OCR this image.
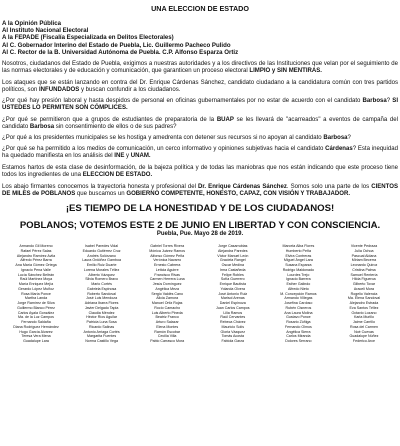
UNA ELECCION DE ESTADO
A la Opinión Pública
Al Instituto Nacional Electoral
A la FEPADE (Fiscalía Especializada en Delitos Electorales)
Al C. Gobernador Interino del Estado de Puebla, Lic. Guillermo Pacheco Pulido
Al C. Rector de la B. Universidad Autónoma de Puebla. C.P. Alfonso Esparza Ortiz
Nosotros, ciudadanos del Estado de Puebla, exigimos a nuestras autoridades y a los directivos de las Instituciones que velan por el seguimiento de las normas electorales y de educación y comunicación, que garanticen un proceso electoral LIMPIO y SIN MENTIRAS.
Los ataques que se están lanzando en contra del Dr. Enrique Cárdenas Sánchez, candidato ciudadano a la candidatura común con tres partidos políticos, son INFUNDADOS y buscan confundir a los ciudadanos.
¿Por qué hay presión laboral y hasta despidos de personal en oficinas gubernamentales por no estar de acuerdo con el candidato Barbosa? SI USTEDES LO PERMITEN SON CÓMPLICES.
¿Por qué se permitieron que a grupos de estudiantes de preparatoria de la BUAP se les llevará de "acarreados" a eventos de campaña del candidato Barbosa sin consentimiento de ellos o de sus padres?
¿Por qué a los presidentes municipales se les hostiga y amedrenta con detener sus recursos si no apoyan al candidato Barbosa?
¿Por qué se ha permitido a los medios de comunicación, un cerco informativo y opiniones subjetivas hacia el candidato Cárdenas? Esta inequidad ha quedado manifiesta en los análisis del INE y UNAM.
Estamos hartos de esta clase de desinformación, de la bajeza política y de todas las maniobras que nos están indicando que este proceso tiene todos los ingredientes de una ELECCION DE ESTADO.
Los abajo firmantes conocemos la trayectoria honesta y profesional del Dr. Enrique Cárdenas Sánchez. Somos solo una parte de los CIENTOS DE MILES de POBLANOS que buscamos un GOBIERNO COMPETENTE, HONESTO, CAPAZ, CON VISIÓN Y TRABAJADOR.
¡ES TIEMPO DE LA HONESTIDAD Y DE LOS CIUDADANOS!
POBLANOS; VOTEMOS ESTE 2 DE JUNIO EN LIBERTAD Y CON CONSCIENCIA.
Puebla, Pue. Mayo 28 de 2019.
Armando Gil Moreno
Rafael Pérez Salas
Alejandro Ramírez Avila
Alfredo Pérez Barra
Ana María Gómez Ortega
Ignacio Pena Valle
Lucía Sánchez Beltrán
Raúl Martínez Moya
María Enriquez Mejía
Gerardo López Muñoz
Rosa María Ponce
Martha Landa
Jorge Ramírez de Silva
Guillermo Blanco Pérez
Carlos Ayala González
Ma. de la Luz Campos
Fernando Saldaña
Diana Rodríguez Hernández
Hugo García Álvarez
Teresa Vera Mena
Guadalupe Lara
Isabel Paredes Vidal
Eduardo Gutiérrez Cruz
Andrés Solórzano
Laura Ordóñez Gamboa
Emilio Ruiz Duarte
Lorena Morales Téllez
Alberto Vázquez
Silvia Romero Bravo
Mario Cortés
Gabriela Espinosa
Roberto Sandoval
José Luis Mendoza
Adriana Ibarra Flores
Javier Delgado Tapia
Claudia Méndez
Héctor Ríos Aguilar
Patricia Luna Sosa
Ricardo Salinas
Antonio Arriaga Cortés
Margarita Fuentes
Norma Castillo Vega
Gabriel Torres Rivera
Mónica Juárez Ramos
Alfonso Gómez Peña
Verónica Navarro
Ernesto Cabrera
Leticia Aguirre
Francisco Rivas
Carmen Herrera Luna
Jesús Domínguez
Angélica Meza
Sergio Valdés Cano
Alicia Zamora
Manuel Ortiz Rojas
Rocío Camacho
Luis Alberto Pineda
Beatriz Franco
Arturo Salazar
Elena Montes
Ramón Escobar
Cecilia Villa
Pablo Carrasco Mora
Jorge Casarrubias
Alejandra Paredes
Víctor Manuel León
Graciela Rangel
Oscar Medina
Irma Castañeda
Felipe Robles
Sofía Guerrero
Enrique Bautista
Yolanda Olvera
José Antonio Ruiz
Marisol Arenas
Daniel Espinoza
Juan Carlos Campos
Lilia Ramos
Raúl Cervantes
Rebeca Chávez
Mauricio Solís
Gloria Vázquez
Tomás Acosta
Fabiola Garza
Marcela Alba Flores
Humberto Peña
Elvira Contreras
Miguel Ángel Lara
Susana Esparza
Rodrigo Maldonado
Lourdes Trejo
Ignacio Barrera
Esther Galindo
Alfredo Nieto
M. Concepción Ramos
Armando Villegas
Josefina Cardoso
Rubén Cisneros
Ana Laura Molina
Gustavo Ponce
Rosario Zúñiga
Fernando Olmos
Angélica Sierra
Carlos Miranda
Dolores Serrano
Vicente Pedraza
Julia Ochoa
Pascual Aldana
Miriam Becerra
Leonardo Quiroz
Cristina Palma
Samuel Rentería
Hilda Figueroa
Gilberto Tovar
Araceli Mora
Rogelio Valencia
Ma. Elena Sandoval
Alejandro Estrada
Eva Santos Téllez
Octavio Lozano
Karla Murillo
Jaime Carrillo
Rosa del Carmen
Noé Cuevas
Guadalupe Núñez
Federico Arce
